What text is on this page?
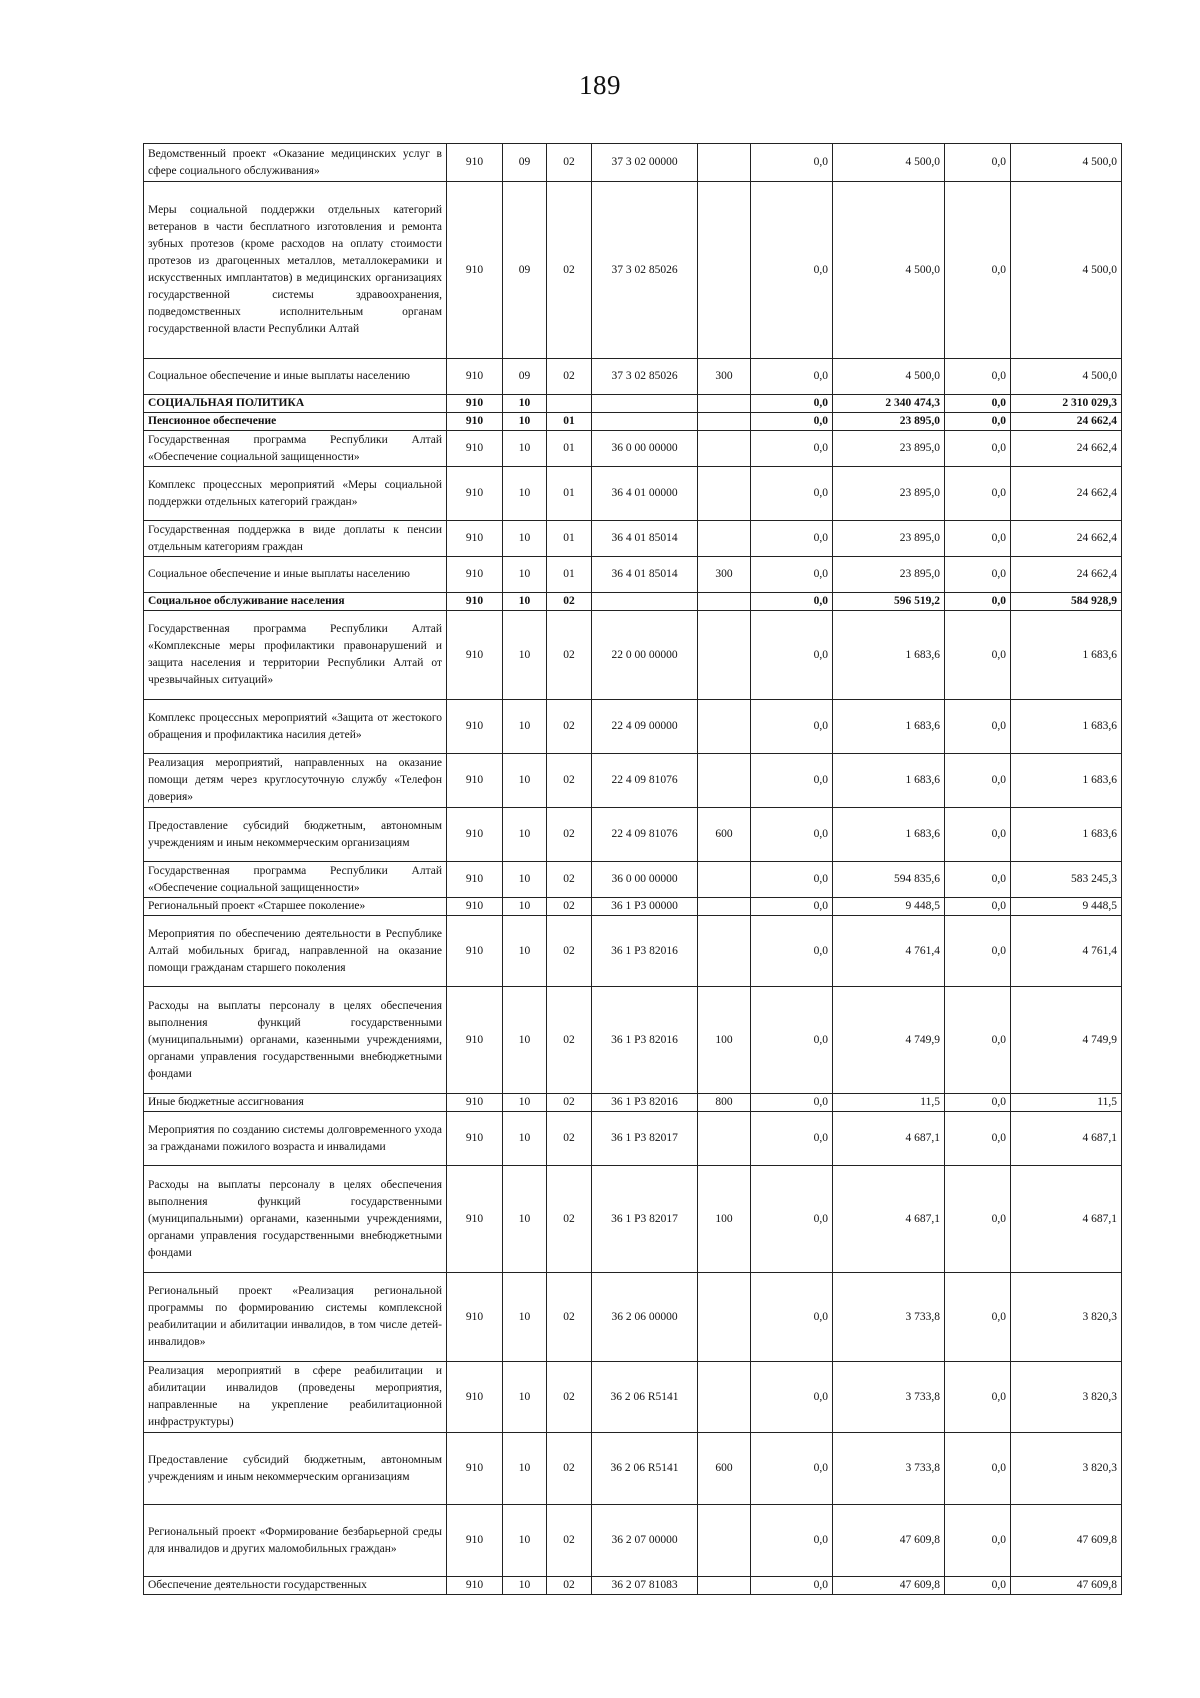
189
Ведомственный проект «Оказание медицинских услуг в сфере социального обслуживания»	910	09	02	37 3 02 00000		0,0	4 500,0	0,0	4 500,0
Меры социальной поддержки отдельных категорий ветеранов в части бесплатного изготовления и ремонта зубных протезов (кроме расходов на оплату стоимости протезов из драгоценных металлов, металлокерамики и искусственных имплантатов) в медицинских организациях государственной системы здравоохранения, подведомственных исполнительным органам государственной власти Республики Алтай	910	09	02	37 3 02 85026		0,0	4 500,0	0,0	4 500,0
Социальное обеспечение и иные выплаты населению	910	09	02	37 3 02 85026	300	0,0	4 500,0	0,0	4 500,0
СОЦИАЛЬНАЯ ПОЛИТИКА	910	10				0,0	2 340 474,3	0,0	2 310 029,3
Пенсионное обеспечение	910	10	01			0,0	23 895,0	0,0	24 662,4
Государственная программа Республики Алтай «Обеспечение социальной защищенности»	910	10	01	36 0 00 00000		0,0	23 895,0	0,0	24 662,4
Комплекс процессных мероприятий «Меры социальной поддержки отдельных категорий граждан»	910	10	01	36 4 01 00000		0,0	23 895,0	0,0	24 662,4
Государственная поддержка в виде доплаты к пенсии отдельным категориям граждан	910	10	01	36 4 01 85014		0,0	23 895,0	0,0	24 662,4
Социальное обеспечение и иные выплаты населению	910	10	01	36 4 01 85014	300	0,0	23 895,0	0,0	24 662,4
Социальное обслуживание населения	910	10	02			0,0	596 519,2	0,0	584 928,9
Государственная программа Республики Алтай «Комплексные меры профилактики правонарушений и защита населения и территории Республики Алтай от чрезвычайных ситуаций»	910	10	02	22 0 00 00000		0,0	1 683,6	0,0	1 683,6
Комплекс процессных мероприятий «Защита от жестокого обращения и профилактика насилия детей»	910	10	02	22 4 09 00000		0,0	1 683,6	0,0	1 683,6
Реализация мероприятий, направленных на оказание помощи детям через круглосуточную службу «Телефон доверия»	910	10	02	22 4 09 81076		0,0	1 683,6	0,0	1 683,6
Предоставление субсидий бюджетным, автономным учреждениям и иным некоммерческим организациям	910	10	02	22 4 09 81076	600	0,0	1 683,6	0,0	1 683,6
Государственная программа Республики Алтай «Обеспечение социальной защищенности»	910	10	02	36 0 00 00000		0,0	594 835,6	0,0	583 245,3
Региональный проект «Старшее поколение»	910	10	02	36 1 P3 00000		0,0	9 448,5	0,0	9 448,5
Мероприятия по обеспечению деятельности в Республике Алтай мобильных бригад, направленной на оказание помощи гражданам старшего поколения	910	10	02	36 1 P3 82016		0,0	4 761,4	0,0	4 761,4
Расходы на выплаты персоналу в целях обеспечения выполнения функций государственными (муниципальными) органами, казенными учреждениями, органами управления государственными внебюджетными фондами	910	10	02	36 1 P3 82016	100	0,0	4 749,9	0,0	4 749,9
Иные бюджетные ассигнования	910	10	02	36 1 P3 82016	800	0,0	11,5	0,0	11,5
Мероприятия по созданию системы долговременного ухода за гражданами пожилого возраста и инвалидами	910	10	02	36 1 P3 82017		0,0	4 687,1	0,0	4 687,1
Расходы на выплаты персоналу в целях обеспечения выполнения функций государственными (муниципальными) органами, казенными учреждениями, органами управления государственными внебюджетными фондами	910	10	02	36 1 P3 82017	100	0,0	4 687,1	0,0	4 687,1
Региональный проект «Реализация региональной программы по формированию системы комплексной реабилитации и абилитации инвалидов, в том числе детей-инвалидов»	910	10	02	36 2 06 00000		0,0	3 733,8	0,0	3 820,3
Реализация мероприятий в сфере реабилитации и абилитации инвалидов (проведены мероприятия, направленные на укрепление реабилитационной инфраструктуры)	910	10	02	36 2 06 R5141		0,0	3 733,8	0,0	3 820,3
Предоставление субсидий бюджетным, автономным учреждениям и иным некоммерческим организациям	910	10	02	36 2 06 R5141	600	0,0	3 733,8	0,0	3 820,3
Региональный проект «Формирование безбарьерной среды для инвалидов и других маломобильных граждан»	910	10	02	36 2 07 00000		0,0	47 609,8	0,0	47 609,8
Обеспечение деятельности государственных	910	10	02	36 2 07 81083		0,0	47 609,8	0,0	47 609,8
